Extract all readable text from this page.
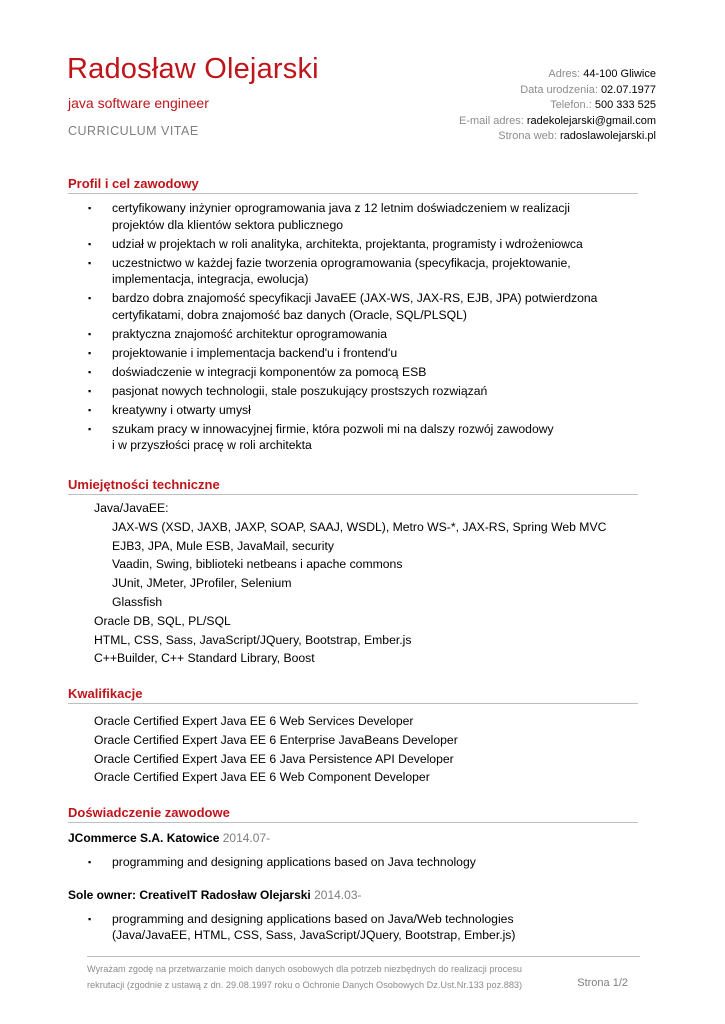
Radosław Olejarski
java software engineer
CURRICULUM VITAE
Adres: 44-100 Gliwice
Data urodzenia: 02.07.1977
Telefon.: 500 333 525
E-mail adres: radekolejarski@gmail.com
Strona web: radoslawolejarski.pl
Profil i cel zawodowy
▪ certyfikowany inżynier oprogramowania java z 12 letnim doświadczeniem w realizacji
projektów dla klientów sektora publicznego
▪ udział w projektach w roli analityka, architekta, projektanta, programisty i wdrożeniowca
▪ uczestnictwo w każdej fazie tworzenia oprogramowania (specyfikacja, projektowanie,
implementacja, integracja, ewolucja)
▪ bardzo dobra znajomość specyfikacji JavaEE (JAX-WS, JAX-RS, EJB, JPA) potwierdzona
certyfikatami, dobra znajomość baz danych (Oracle, SQL/PLSQL)
▪ praktyczna znajomość architektur oprogramowania
▪ projektowanie i implementacja backend'u i frontend'u
▪ doświadczenie w integracji komponentów za pomocą ESB
▪ pasjonat nowych technologii, stale poszukujący prostszych rozwiązań
▪ kreatywny i otwarty umysł
▪ szukam pracy w innowacyjnej firmie, która pozwoli mi na dalszy rozwój zawodowy
i w przyszłości pracę w roli architekta
Umiejętności techniczne
Java/JavaEE:
JAX-WS (XSD, JAXB, JAXP, SOAP, SAAJ, WSDL), Metro WS-*, JAX-RS, Spring Web MVC
EJB3, JPA, Mule ESB, JavaMail, security
Vaadin, Swing, biblioteki netbeans i apache commons
JUnit, JMeter, JProfiler, Selenium
Glassfish
Oracle DB, SQL, PL/SQL
HTML, CSS, Sass, JavaScript/JQuery, Bootstrap, Ember.js
C++Builder, C++ Standard Library, Boost
Kwalifikacje
Oracle Certified Expert Java EE 6 Web Services Developer
Oracle Certified Expert Java EE 6 Enterprise JavaBeans Developer
Oracle Certified Expert Java EE 6 Java Persistence API Developer
Oracle Certified Expert Java EE 6 Web Component Developer
Doświadczenie zawodowe
JCommerce S.A. Katowice 2014.07-
▪ programming and designing applications based on Java technology
Sole owner: CreativeIT Radosław Olejarski 2014.03-
▪ programming and designing applications based on Java/Web technologies
(Java/JavaEE, HTML, CSS, Sass, JavaScript/JQuery, Bootstrap, Ember.js)
Wyrażam zgodę na przetwarzanie moich danych osobowych dla potrzeb niezbędnych do realizacji procesu
rekrutacji (zgodnie z ustawą z dn. 29.08.1997 roku o Ochronie Danych Osobowych Dz.Ust.Nr.133 poz.883)	Strona 1/2
